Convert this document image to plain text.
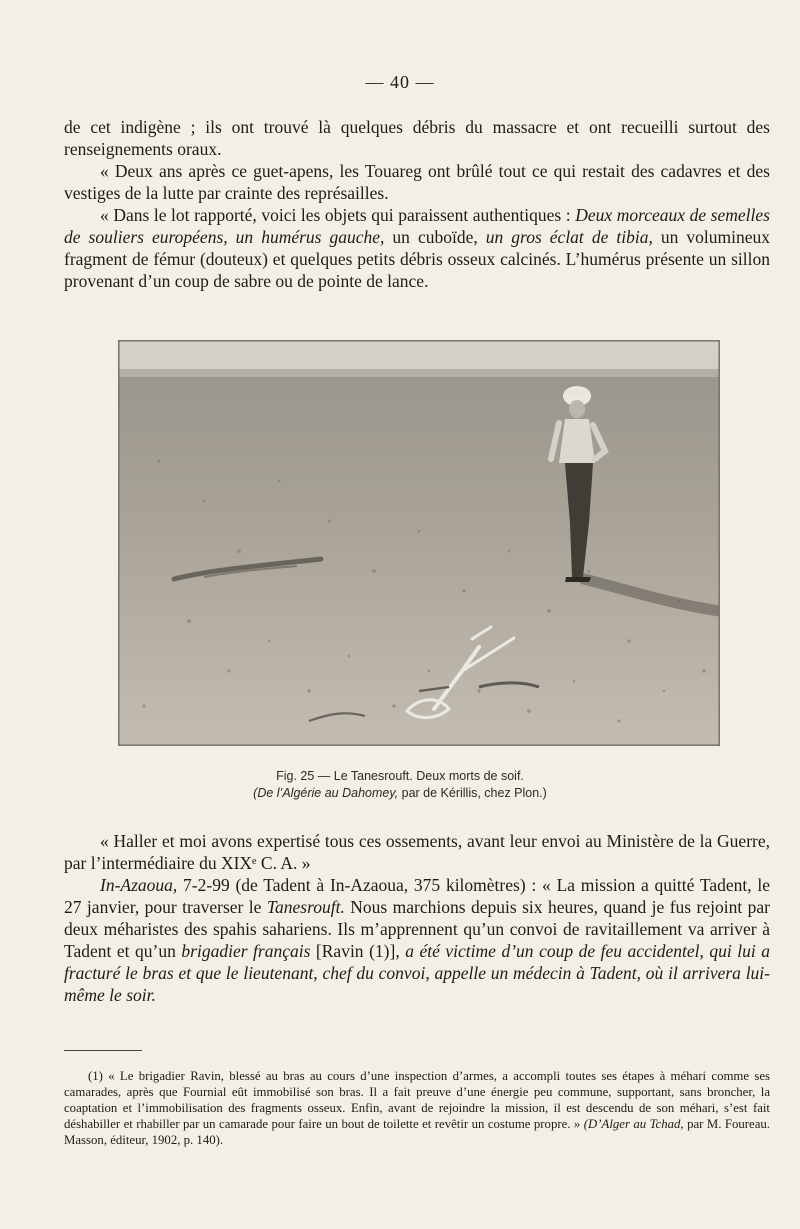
— 40 —

de cet indigène ; ils ont trouvé là quelques débris du massacre et ont recueilli surtout des renseignements oraux.

« Deux ans après ce guet-apens, les Touareg ont brûlé tout ce qui restait des cadavres et des vestiges de la lutte par crainte des représailles.

« Dans le lot rapporté, voici les objets qui paraissent authentiques : Deux morceaux de semelles de souliers européens, un humérus gauche, un cuboïde, un gros éclat de tibia, un volumineux fragment de fémur (douteux) et quelques petits débris osseux calcinés. L’humérus présente un sillon provenant d’un coup de sabre ou de pointe de lance.

Fig. 25 — Le Tanesrouft. Deux morts de soif.
(De l’Algérie au Dahomey, par de Kérillis, chez Plon.)

« Haller et moi avons expertisé tous ces ossements, avant leur envoi au Ministère de la Guerre, par l’intermédiaire du XIXᵉ C. A. »

In-Azaoua, 7-2-99 (de Tadent à In-Azaoua, 375 kilomètres) : « La mission a quitté Tadent, le 27 janvier, pour traverser le Tanesrouft. Nous marchions depuis six heures, quand je fus rejoint par deux méharistes des spahis sahariens. Ils m’apprennent qu’un convoi de ravitaillement va arriver à Tadent et qu’un brigadier français [Ravin (1)], a été victime d’un coup de feu accidentel, qui lui a fracturé le bras et que le lieutenant, chef du convoi, appelle un médecin à Tadent, où il arrivera lui-même le soir.

(1) « Le brigadier Ravin, blessé au bras au cours d’une inspection d’armes, a accompli toutes ses étapes à méhari comme ses camarades, après que Fournial eût immobilisé son bras. Il a fait preuve d’une énergie peu commune, supportant, sans broncher, la coaptation et l’immobilisation des fragments osseux. Enfin, avant de rejoindre la mission, il est descendu de son méhari, s’est fait déshabiller et rhabiller par un camarade pour faire un bout de toilette et revêtir un costume propre. » (D’Alger au Tchad, par M. Foureau. Masson, éditeur, 1902, p. 140).
